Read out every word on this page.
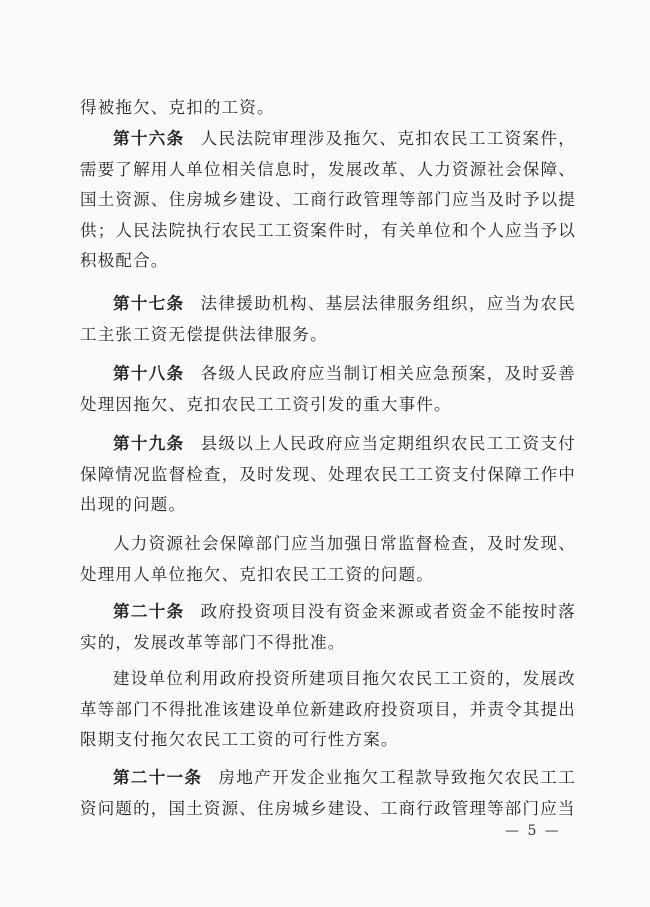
得被拖欠、克扣的工资。

第十六条 人民法院审理涉及拖欠、克扣农民工工资案件，需要了解用人单位相关信息时，发展改革、人力资源社会保障、国土资源、住房城乡建设、工商行政管理等部门应当及时予以提供；人民法院执行农民工工资案件时，有关单位和个人应当予以积极配合。

第十七条 法律援助机构、基层法律服务组织，应当为农民工主张工资无偿提供法律服务。

第十八条 各级人民政府应当制订相关应急预案，及时妥善处理因拖欠、克扣农民工工资引发的重大事件。

第十九条 县级以上人民政府应当定期组织农民工工资支付保障情况监督检查，及时发现、处理农民工工资支付保障工作中出现的问题。

人力资源社会保障部门应当加强日常监督检查，及时发现、处理用人单位拖欠、克扣农民工工资的问题。

第二十条 政府投资项目没有资金来源或者资金不能按时落实的，发展改革等部门不得批准。

建设单位利用政府投资所建项目拖欠农民工工资的，发展改革等部门不得批准该建设单位新建政府投资项目，并责令其提出限期支付拖欠农民工工资的可行性方案。

第二十一条 房地产开发企业拖欠工程款导致拖欠农民工工资问题的，国土资源、住房城乡建设、工商行政管理等部门应当

— 5 —
